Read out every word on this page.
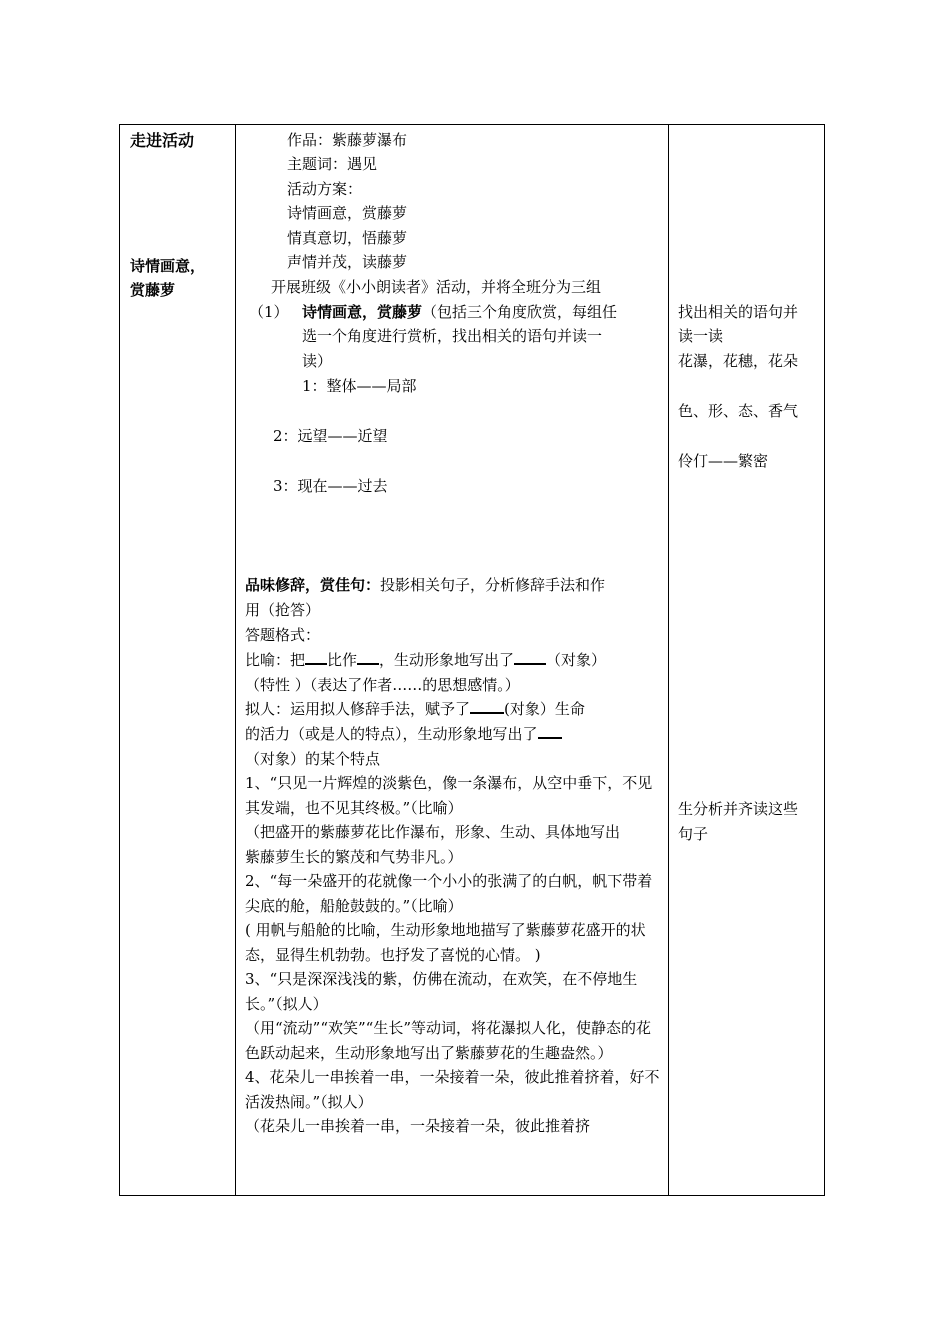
走进活动
诗情画意，
赏藤萝
作品：紫藤萝瀑布
主题词：遇见
活动方案：
诗情画意，赏藤萝
情真意切，悟藤萝
声情并茂，读藤萝
开展班级《小小朗读者》活动，并将全班分为三组
（1） 诗情画意，赏藤萝（包括三个角度欣赏，每组任
选一个角度进行赏析，找出相关的语句并读一
读）
1：整体——局部
2：远望——近望
3：现在——过去
品味修辞，赏佳句：投影相关句子，分析修辞手法和作
用（抢答）
答题格式：
比喻：把 比作 ，生动形象地写出了 （对象）
（特性 ）（表达了作者……的思想感情。）
拟人：运用拟人修辞手法，赋予了 (对象）生命
的活力（或是人的特点），生动形象地写出了
（对象）的某个特点
1、“只见一片辉煌的淡紫色，像一条瀑布，从空中垂下，不见其发端，也不见其终极。”（比喻）
（把盛开的紫藤萝花比作瀑布，形象、生动、具体地写出
紫藤萝生长的繁茂和气势非凡。）
2、“每一朵盛开的花就像一个小小的张满了的白帆，帆下带着尖底的舱，船舱鼓鼓的。”（比喻）
( 用帆与船舱的比喻，生动形象地地描写了紫藤萝花盛开的状态，显得生机勃勃。也抒发了喜悦的心情。 )
3、“只是深深浅浅的紫，仿佛在流动，在欢笑，在不停地生长。”（拟人）
（用“流动”“欢笑”“生长”等动词，将花瀑拟人化，使静态的花色跃动起来，生动形象地写出了紫藤萝花的生趣盎然。）
4、花朵儿一串挨着一串，一朵接着一朵，彼此推着挤着，好不活泼热闹。”（拟人）
（花朵儿一串挨着一串，一朵接着一朵，彼此推着挤
找出相关的语句并
读一读
花瀑，花穗，花朵
色、形、态、香气
伶仃——繁密
生分析并齐读这些
句子
